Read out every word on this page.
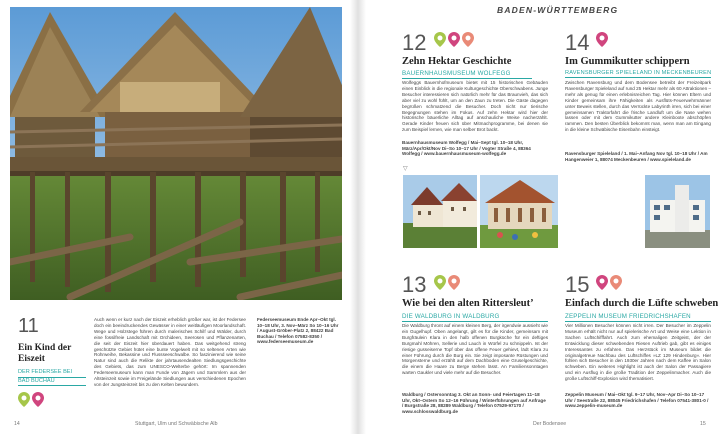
11
Ein Kind der
Eiszeit
DER FEDERSEE BEI
BAD BUCHAU
Auch wenn er kurz nach der Eiszeit erheblich größer war, ist der Federsee doch ein beeindruckendes Gewässer in einer weitläufigen Moorlandschaft. Wege und Holzstege führen durch malerisches Schilf und Wälder, durch eine fossilfreie Landschaft mit Orchideen, Seerosen und Pflanzenarten, die seit der Eiszeit hier überdauert haben. Das weitgehend streng geschützte Gebiet hütet eine bunte Vogelwelt mit so seltenen Arten wie Rohrweihe, Bekassine und Flussseeschwalbe. So faszinierend wie seine Natur sind auch die Relikte der jahrtausendealten Siedlungsgeschichte des Gebiets, das zum UNESCO-Welterbe gehört: Im spannenden Federseemuseum kann man Funde von Jägern und Sammlern aus der Altsteinzeit sowie im Freigelände Siedlungen aus verschiedenen Epochen von der Jungsteinzeit bis zu den Kelten bewundern.
Federseemuseum Ende Apr–Okt tgl. 10–18 Uhr, 3. Nov–März So 10–16 Uhr / August-Gröber-Platz 2, 88422 Bad Buchau / Telefon 07582-8350 / www.federseemuseum.de
14	Stuttgart, Ulm und Schwäbische Alb
BADEN-WÜRTTEMBERG
12
Zehn Hektar Geschichte
BAUERNHAUSMUSEUM WOLFEGG
Wolfeggs Bauernhofmuseum bietet mit 15 historischen Gebäuden einen Einblick in die regionale Kulturgeschichte Oberschwabens. Junge Besucher interessieren sich natürlich mehr für das Braunvieh, das sich aber viel zu wohl fühlt, um an den Zaun zu treten. Die Gäste dagegen begrüßen schmatzend die Besucher. Doch nicht nur tierische Begegnungen stehen im Fokus. Auf zehn Hektar wird hier der historische bäuerliche Alltag auf anschauliche Weise nacherzählt. Gerade Kinder freuen sich über Mitmachprogramme, bei denen sie zum Beispiel lernen, wie man selber Brot backt.
Bauernhausmuseum Wolfegg / Mai–Sept tgl. 10–18 Uhr, März/Apr/Okt/Nov Di–So 10–17 Uhr / Vogter Straße 4, 88364 Wolfegg / www.bauernhausmuseum-wolfegg.de
14
Im Gummikutter schippern
RAVENSBURGER SPIELELAND IN MECKENBEUREN
Zwischen Ravensburg und dem Bodensee betreibt der Freizeitpark Ravensburger Spieleland auf rund 25 Hektar mehr als 60 Attraktionen – mehr als genug für einen erlebnisreichen Tag. Hier können Eltern und Kinder gemeinsam ihre Fähigkeiten als Ausflüts-Feuerwehrmänner unter Beweis stellen, durch das Verrückte Labyrinth irren, sich bei einer gemeinsamen Traktorfahrt die frische Landluft um die Nase wehen lassen oder mit dem Gummikutter andere Kleinboote abschöpfen rammen. Den besten Überblick bekommt man, wenn man am Eingang in die kleine Schwäbische Eisenbahn einsteigt.
Ravensburger Spieleland / 1. Mai–Anfang Nov tgl. 10–18 Uhr / Am Hangenweier 1, 88074 Meckenbeuren / www.spieleland.de
▽
13
Wie bei den alten Rittersleut’
DIE WALDBURG IN WALDBURG
Die Waldburg thront auf einem kleinen Berg, der irgendwie aussieht wie ein Gugelhupf. Oben angelangt, gilt es für die Kinder, gemeinsam mit Burgfräulein Klara in den halb offenen Burgküche für ein deftiges Burgmahl Möhren, Sellerie und Lauch in Würfel zu schnippeln. Ist der riesige gusseiserne Topf über das offene Feuer gehievt, lädt Klara zu einer Führung durch die Burg ein. Sie zeigt imposante Rüstungen und Morgensterne und erzählt auf dem Dachboden eine Gruselgeschichte, die einem die Haare zu Berge stehen lässt. An Familiensonntagen warten Gaukler und viele mehr auf die Besucher.
Waldburg / Ostersonntag 3. Okt an Sonn- und Feiertagen 11–18 Uhr, Okt–Ostern So 12–16 Führung / Winterführungen auf Anfrage / Burgstraße 28, 88289 Waldburg / Telefon 07529-97170 / www.schlosswaldburg.de
15
Einfach durch die Lüfte schweben
ZEPPELIN MUSEUM FRIEDRICHSHAFEN
Vier Millionen Besucher können nicht irren. Der Besucher im Zeppelin Museum erhält nicht nur auf spielerische Art und Weise eine Lektion in Sachen Luftschifffahrt. Auch zum ehemaligen Zeitgeist, der der Entwicklung dieser schwebenden Riesen Auftrieb gab, gibt es einiges Interessantes zu erfahren. Das Herzstück im Museum bildet die originalgetreue Nachbau des Luftschiffes »LZ 129 Hindenburg«. Hier fühlen sich Besucher in den 1930er Jahren nach dem Kaffee im Salon schweben. Ein weiteres Highlight ist auch der Salon der Passagiere und ein Ausflug in die große Tradition der Zeppelinmacher. Auch die große Luftschiff-Explosion wird thematisiert.
Zeppelin Museum / Mai–Okt tgl. 9–17 Uhr, Nov–Apr Di–So 10–17 Uhr / Seestraße 22, 88045 Friedrichshafen / Telefon 07541-3801-0 / www.zeppelin-museum.de
Der Bodensee	15
